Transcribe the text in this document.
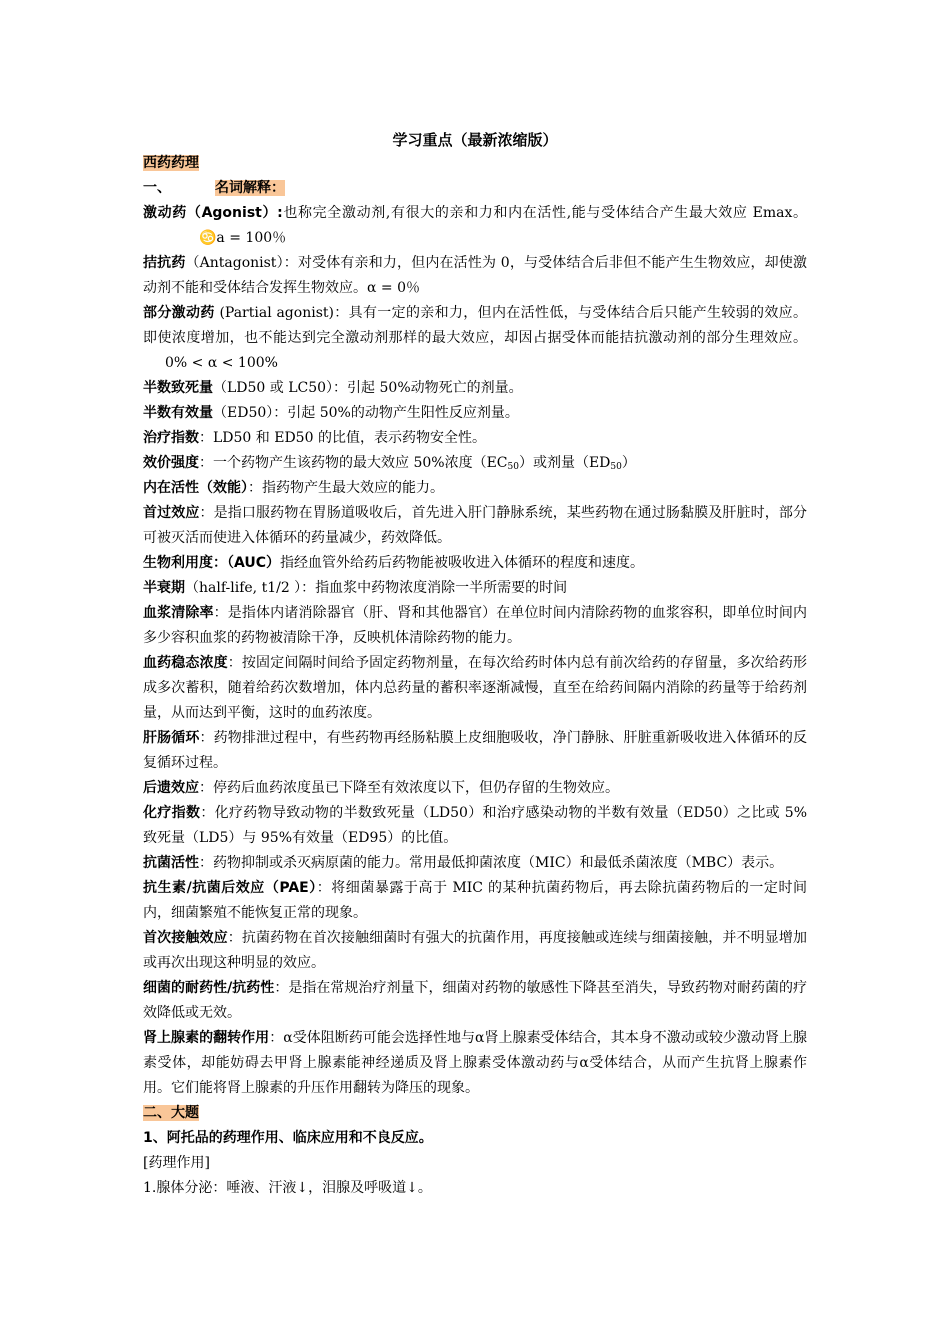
学习重点（最新浓缩版）

西药药理

一、	名词解释：

激动药（Agonist）:也称完全激动剂,有很大的亲和力和内在活性,能与受体结合产生最大效应 Emax。♋a = 100％

拮抗药（Antagonist）：对受体有亲和力，但内在活性为 0，与受体结合后非但不能产生生物效应，却使激动剂不能和受体结合发挥生物效应。α = 0％

部分激动药 (Partial agonist)：具有一定的亲和力，但内在活性低，与受体结合后只能产生较弱的效应。即使浓度增加，也不能达到完全激动剂那样的最大效应，却因占据受体而能拮抗激动剂的部分生理效应。0% < α < 100%

半数致死量（LD50 或 LC50）：引起 50%动物死亡的剂量。

半数有效量（ED50）：引起 50%的动物产生阳性反应剂量。

治疗指数：LD50 和 ED50 的比值，表示药物安全性。

效价强度：一个药物产生该药物的最大效应 50%浓度$(EC_{50})$或剂量$(ED_{50})$

内在活性（效能）：指药物产生最大效应的能力。

首过效应：是指口服药物在胃肠道吸收后，首先进入肝门静脉系统，某些药物在通过肠黏膜及肝脏时，部分可被灭活而使进入体循环的药量减少，药效降低。

生物利用度：（AUC）指经血管外给药后药物能被吸收进入体循环的程度和速度。

半衰期（half-life, t1/2 ）：指血浆中药物浓度消除一半所需要的时间

血浆清除率：是指体内诸消除器官（肝、肾和其他器官）在单位时间内清除药物的血浆容积，即单位时间内多少容积血浆的药物被清除干净，反映机体清除药物的能力。

血药稳态浓度：按固定间隔时间给予固定药物剂量，在每次给药时体内总有前次给药的存留量，多次给药形成多次蓄积，随着给药次数增加，体内总药量的蓄积率逐渐减慢，直至在给药间隔内消除的药量等于给药剂量，从而达到平衡，这时的血药浓度。

肝肠循环：药物排泄过程中，有些药物再经肠粘膜上皮细胞吸收，净门静脉、肝脏重新吸收进入体循环的反复循环过程。

后遗效应：停药后血药浓度虽已下降至有效浓度以下，但仍存留的生物效应。

化疗指数：化疗药物导致动物的半数致死量（LD50）和治疗感染动物的半数有效量（ED50）之比或 5%致死量（LD5）与 95%有效量（ED95）的比值。

抗菌活性：药物抑制或杀灭病原菌的能力。常用最低抑菌浓度（MIC）和最低杀菌浓度（MBC）表示。

抗生素/抗菌后效应（PAE）：将细菌暴露于高于 MIC 的某种抗菌药物后，再去除抗菌药物后的一定时间内，细菌繁殖不能恢复正常的现象。

首次接触效应：抗菌药物在首次接触细菌时有强大的抗菌作用，再度接触或连续与细菌接触，并不明显增加或再次出现这种明显的效应。

细菌的耐药性/抗药性：是指在常规治疗剂量下，细菌对药物的敏感性下降甚至消失，导致药物对耐药菌的疗效降低或无效。

肾上腺素的翻转作用：α受体阻断药可能会选择性地与α肾上腺素受体结合，其本身不激动或较少激动肾上腺素受体，却能妨碍去甲肾上腺素能神经递质及肾上腺素受体激动药与α受体结合，从而产生抗肾上腺素作用。它们能将肾上腺素的升压作用翻转为降压的现象。

二、大题

1、阿托品的药理作用、临床应用和不良反应。

[药理作用]

1.腺体分泌：唾液、汗液↓，泪腺及呼吸道↓。
